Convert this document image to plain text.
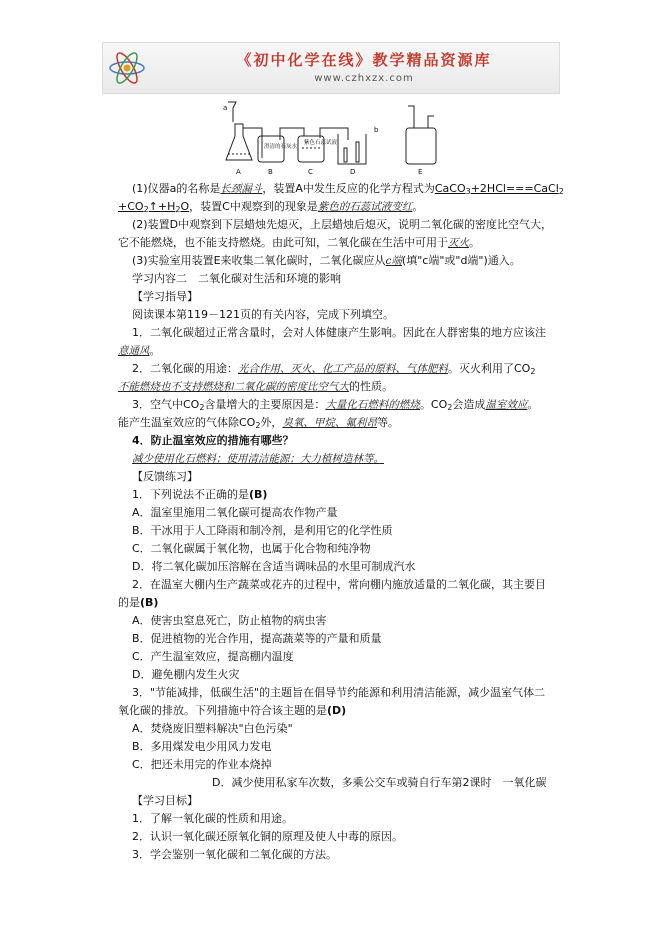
《初中化学在线》教学精品资源库
www.czhxzx.com
a
b
澄清的石灰水
紫色石蕊试液
A	B	C	D	E
(1)仪器a的名称是长颈漏斗，装置A中发生反应的化学方程式为CaCO$_3$+2HCl===CaCl$_2$
$+CO_2↑+H_2O$，装置C中观察到的现象是紫色的石蕊试液变红。
(2)装置D中观察到下层蜡烛先熄灭，上层蜡烛后熄灭，说明二氧化碳的密度比空气大，
它不能燃烧，也不能支持燃烧。由此可知，二氧化碳在生活中可用于灭火。
(3)实验室用装置E来收集二氧化碳时，二氧化碳应从c端(填"c端"或"d端")通入。
学习内容二　二氧化碳对生活和环境的影响
【学习指导】
阅读课本第119－121页的有关内容，完成下列填空。
1．二氧化碳超过正常含量时，会对人体健康产生影响。因此在人群密集的地方应该注
意通风。
2．二氧化碳的用途：光合作用、灭火、化工产品的原料、气体肥料。灭火利用了$CO_2$
不能燃烧也不支持燃烧和二氧化碳的密度比空气大的性质。
3．空气中$CO_2$含量增大的主要原因是：大量化石燃料的燃烧。$CO_2$会造成温室效应。
能产生温室效应的气体除$CO_2$外，臭氧、甲烷、氟利昂等。
4．防止温室效应的措施有哪些？
减少使用化石燃料；使用清洁能源；大力植树造林等。
【反馈练习】
1．下列说法不正确的是(B)
A．温室里施用二氧化碳可提高农作物产量
B．干冰用于人工降雨和制冷剂，是利用它的化学性质
C．二氧化碳属于氧化物，也属于化合物和纯净物
D．将二氧化碳加压溶解在含适当调味品的水里可制成汽水
2．在温室大棚内生产蔬菜或花卉的过程中，常向棚内施放适量的二氧化碳，其主要目
的是(B)
A．使害虫窒息死亡，防止植物的病虫害
B．促进植物的光合作用，提高蔬菜等的产量和质量
C．产生温室效应，提高棚内温度
D．避免棚内发生火灾
3．"节能减排，低碳生活"的主题旨在倡导节约能源和利用清洁能源，减少温室气体二
氧化碳的排放。下列措施中符合该主题的是(D)
A．焚烧废旧塑料解决"白色污染"
B．多用煤发电少用风力发电
C．把还未用完的作业本烧掉
D．减少使用私家车次数，多乘公交车或骑自行车第2课时　一氧化碳
【学习目标】
1．了解一氧化碳的性质和用途。
2．认识一氧化碳还原氧化铜的原理及使人中毒的原因。
3．学会鉴别一氧化碳和二氧化碳的方法。
